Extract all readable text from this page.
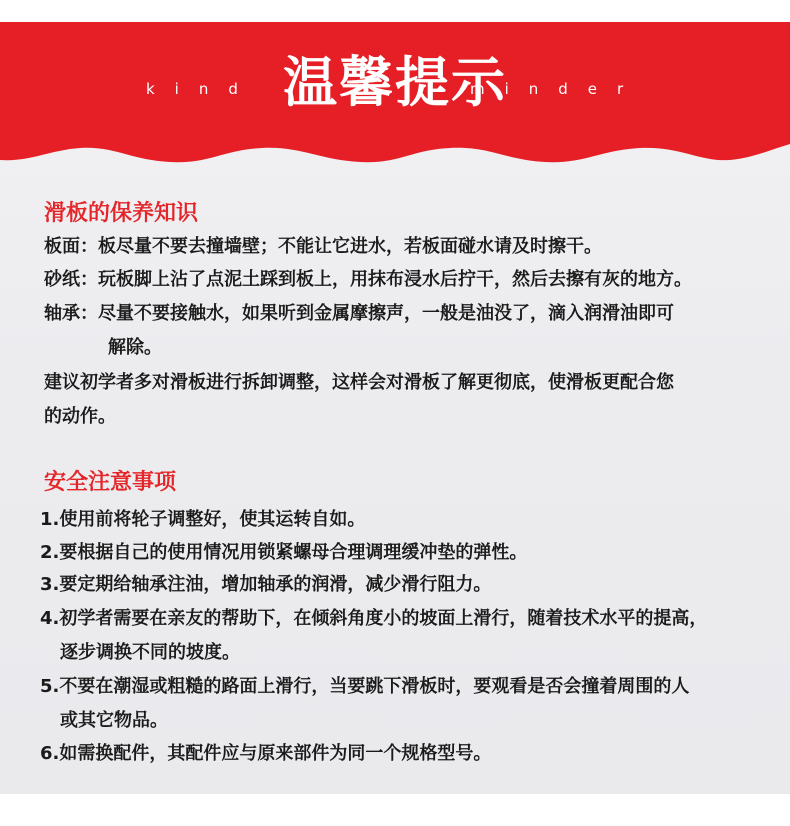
kind	minder
温馨提示
滑板的保养知识
板面：板尽量不要去撞墙壁；不能让它进水，若板面碰水请及时擦干。
砂纸：玩板脚上沾了点泥土踩到板上，用抹布浸水后拧干，然后去擦有灰的地方。
轴承：尽量不要接触水，如果听到金属摩擦声，一般是油没了，滴入润滑油即可
解除。
建议初学者多对滑板进行拆卸调整，这样会对滑板了解更彻底，使滑板更配合您
的动作。
安全注意事项
1.使用前将轮子调整好，使其运转自如。
2.要根据自己的使用情况用锁紧螺母合理调理缓冲垫的弹性。
3.要定期给轴承注油，增加轴承的润滑，减少滑行阻力。
4.初学者需要在亲友的帮助下，在倾斜角度小的坡面上滑行，随着技术水平的提高，
逐步调换不同的坡度。
5.不要在潮湿或粗糙的路面上滑行，当要跳下滑板时，要观看是否会撞着周围的人
或其它物品。
6.如需换配件，其配件应与原来部件为同一个规格型号。
